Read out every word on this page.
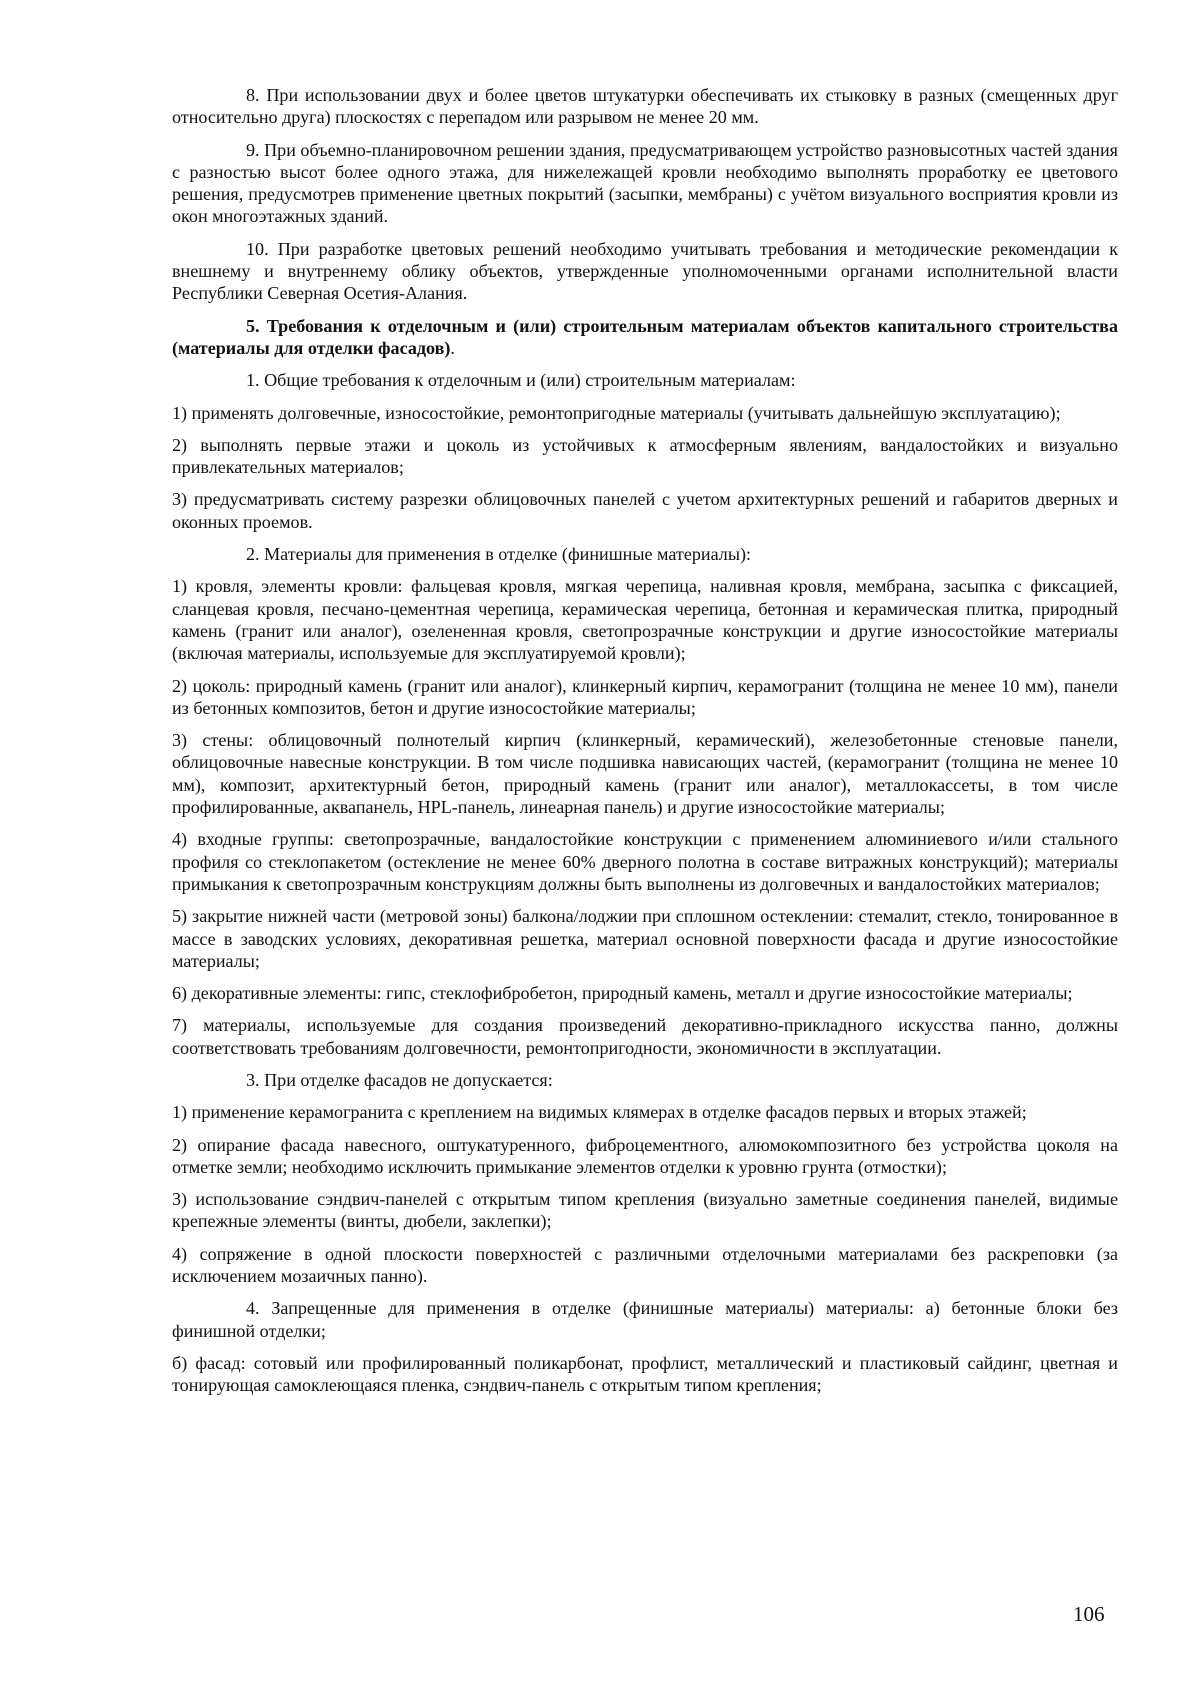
8. При использовании двух и более цветов штукатурки обеспечивать их стыковку в разных (смещенных друг относительно друга) плоскостях с перепадом или разрывом не менее 20 мм.

9. При объемно-планировочном решении здания, предусматривающем устройство разновысотных частей здания с разностью высот более одного этажа, для нижележащей кровли необходимо выполнять проработку ее цветового решения, предусмотрев применение цветных покрытий (засыпки, мембраны) с учётом визуального восприятия кровли из окон многоэтажных зданий.

10. При разработке цветовых решений необходимо учитывать требования и методические рекомендации к внешнему и внутреннему облику объектов, утвержденные уполномоченными органами исполнительной власти Республики Северная Осетия-Алания.

5. Требования к отделочным и (или) строительным материалам объектов капитального строительства (материалы для отделки фасадов).

1. Общие требования к отделочным и (или) строительным материалам:

1) применять долговечные, износостойкие, ремонтопригодные материалы (учитывать дальнейшую эксплуатацию);

2) выполнять первые этажи и цоколь из устойчивых к атмосферным явлениям, вандалостойких и визуально привлекательных материалов;

3) предусматривать систему разрезки облицовочных панелей с учетом архитектурных решений и габаритов дверных и оконных проемов.

2. Материалы для применения в отделке (финишные материалы):

1) кровля, элементы кровли: фальцевая кровля, мягкая черепица, наливная кровля, мембрана, засыпка с фиксацией, сланцевая кровля, песчано-цементная черепица, керамическая черепица, бетонная и керамическая плитка, природный камень (гранит или аналог), озелененная кровля, светопрозрачные конструкции и другие износостойкие материалы (включая материалы, используемые для эксплуатируемой кровли);

2) цоколь: природный камень (гранит или аналог), клинкерный кирпич, керамогранит (толщина не менее 10 мм), панели из бетонных композитов, бетон и другие износостойкие материалы;

3) стены: облицовочный полнотелый кирпич (клинкерный, керамический), железобетонные стеновые панели, облицовочные навесные конструкции. В том числе подшивка нависающих частей, (керамогранит (толщина не менее 10 мм), композит, архитектурный бетон, природный камень (гранит или аналог), металлокассеты, в том числе профилированные, аквапанель, HPL-панель, линеарная панель) и другие износостойкие материалы;

4) входные группы: светопрозрачные, вандалостойкие конструкции с применением алюминиевого и/или стального профиля со стеклопакетом (остекление не менее 60% дверного полотна в составе витражных конструкций); материалы примыкания к светопрозрачным конструкциям должны быть выполнены из долговечных и вандалостойких материалов;

5) закрытие нижней части (метровой зоны) балкона/лоджии при сплошном остеклении: стемалит, стекло, тонированное в массе в заводских условиях, декоративная решетка, материал основной поверхности фасада и другие износостойкие материалы;

6) декоративные элементы: гипс, стеклофибробетон, природный камень, металл и другие износостойкие материалы;

7) материалы, используемые для создания произведений декоративно-прикладного искусства панно, должны соответствовать требованиям долговечности, ремонтопригодности, экономичности в эксплуатации.

3. При отделке фасадов не допускается:

1) применение керамогранита с креплением на видимых клямерах в отделке фасадов первых и вторых этажей;

2) опирание фасада навесного, оштукатуренного, фиброцементного, алюмокомпозитного без устройства цоколя на отметке земли; необходимо исключить примыкание элементов отделки к уровню грунта (отмостки);

3) использование сэндвич-панелей с открытым типом крепления (визуально заметные соединения панелей, видимые крепежные элементы (винты, дюбели, заклепки);

4) сопряжение в одной плоскости поверхностей с различными отделочными материалами без раскреповки (за исключением мозаичных панно).

4. Запрещенные для применения в отделке (финишные материалы) материалы: а) бетонные блоки без финишной отделки;

б) фасад: сотовый или профилированный поликарбонат, профлист, металлический и пластиковый сайдинг, цветная и тонирующая самоклеющаяся пленка, сэндвич-панель с открытым типом крепления;

106
